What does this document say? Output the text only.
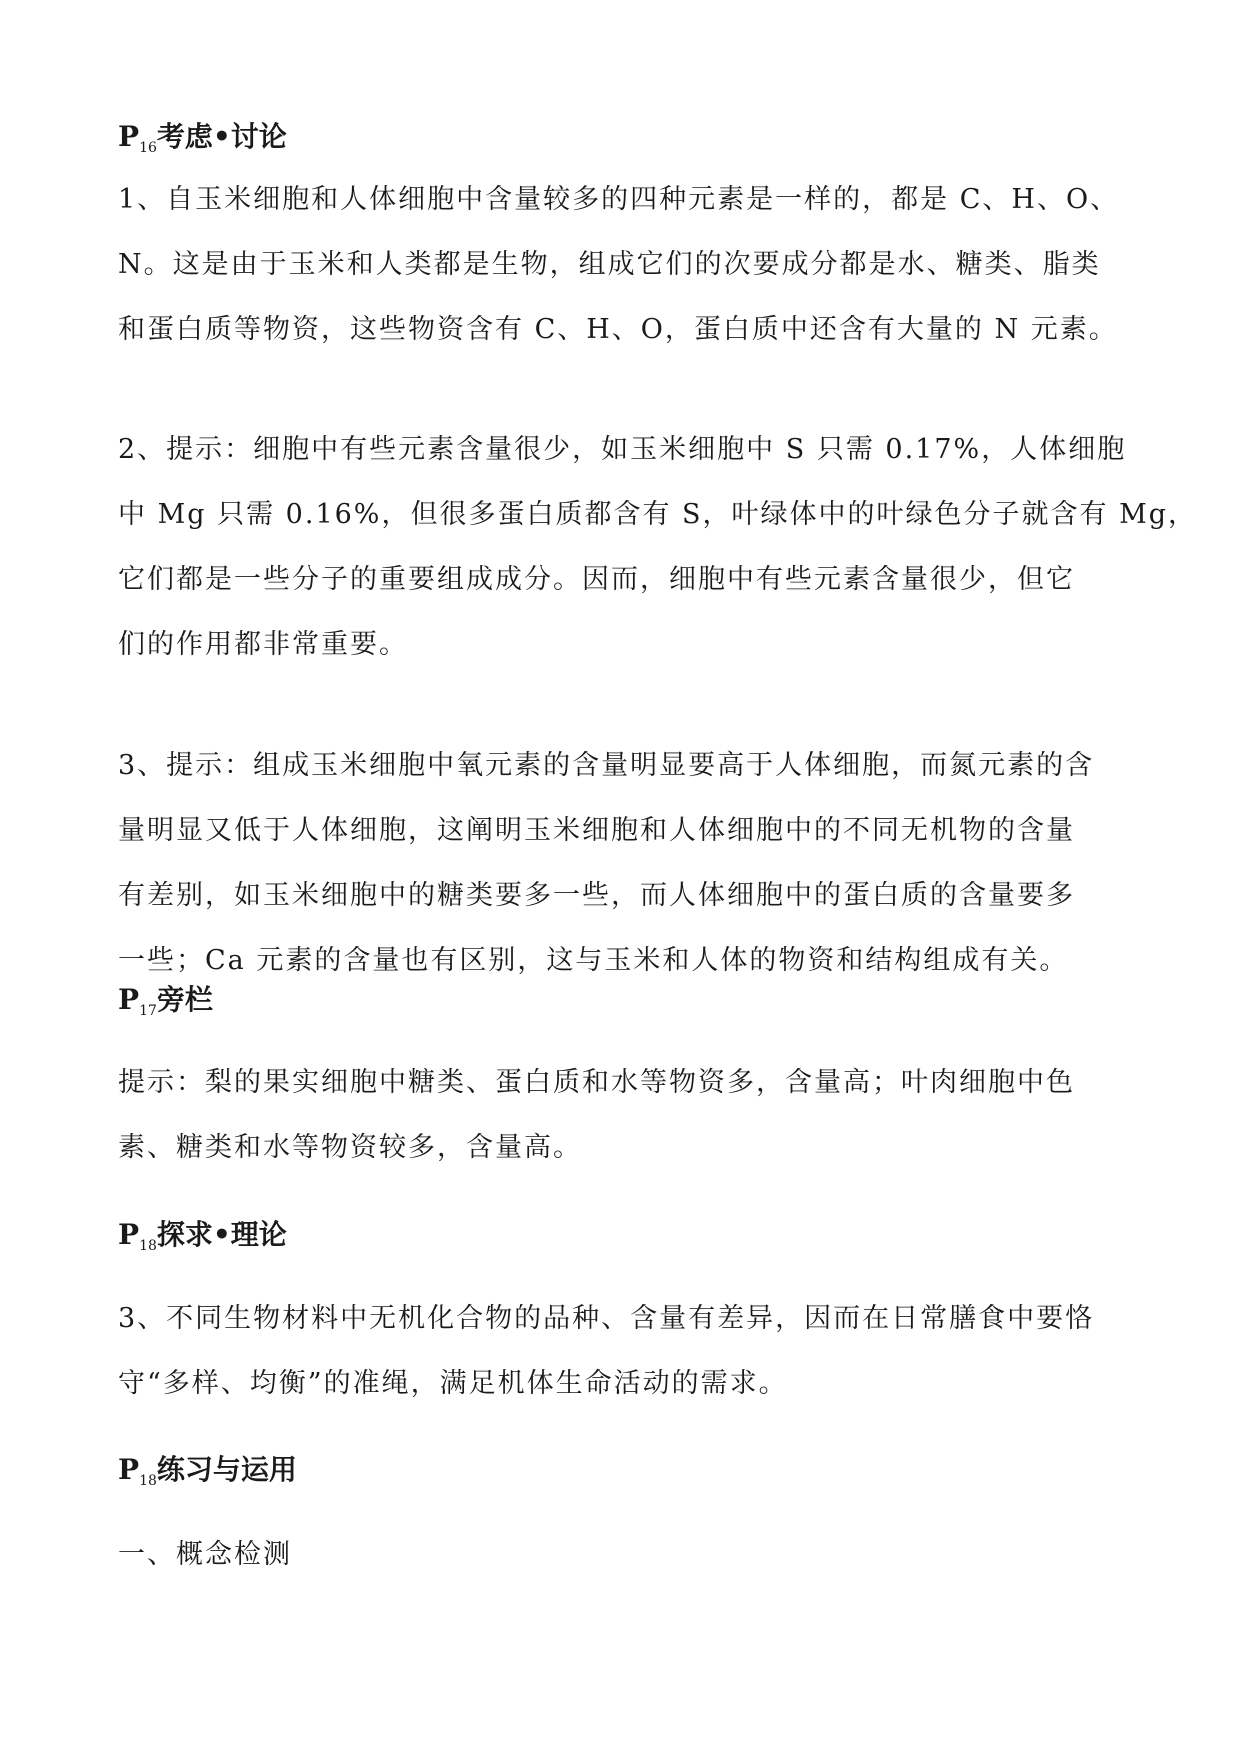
$P_{16}$考虑•讨论
1、自玉米细胞和人体细胞中含量较多的四种元素是一样的，都是 C、H、O、
N。这是由于玉米和人类都是生物，组成它们的次要成分都是水、糖类、脂类
和蛋白质等物资，这些物资含有 C、H、O，蛋白质中还含有大量的 N 元素。
2、提示：细胞中有些元素含量很少，如玉米细胞中 S 只需 0.17%，人体细胞
中 Mg 只需 0.16%，但很多蛋白质都含有 S，叶绿体中的叶绿色分子就含有 Mg，
它们都是一些分子的重要组成成分。因而，细胞中有些元素含量很少，但它
们的作用都非常重要。
3、提示：组成玉米细胞中氧元素的含量明显要高于人体细胞，而氮元素的含
量明显又低于人体细胞，这阐明玉米细胞和人体细胞中的不同无机物的含量
有差别，如玉米细胞中的糖类要多一些，而人体细胞中的蛋白质的含量要多
一些；Ca 元素的含量也有区别，这与玉米和人体的物资和结构组成有关。
$P_{17}$旁栏
提示：梨的果实细胞中糖类、蛋白质和水等物资多，含量高；叶肉细胞中色
素、糖类和水等物资较多，含量高。
$P_{18}$探求•理论
3、不同生物材料中无机化合物的品种、含量有差异，因而在日常膳食中要恪
守“多样、均衡”的准绳，满足机体生命活动的需求。
$P_{18}$练习与运用
一、概念检测
